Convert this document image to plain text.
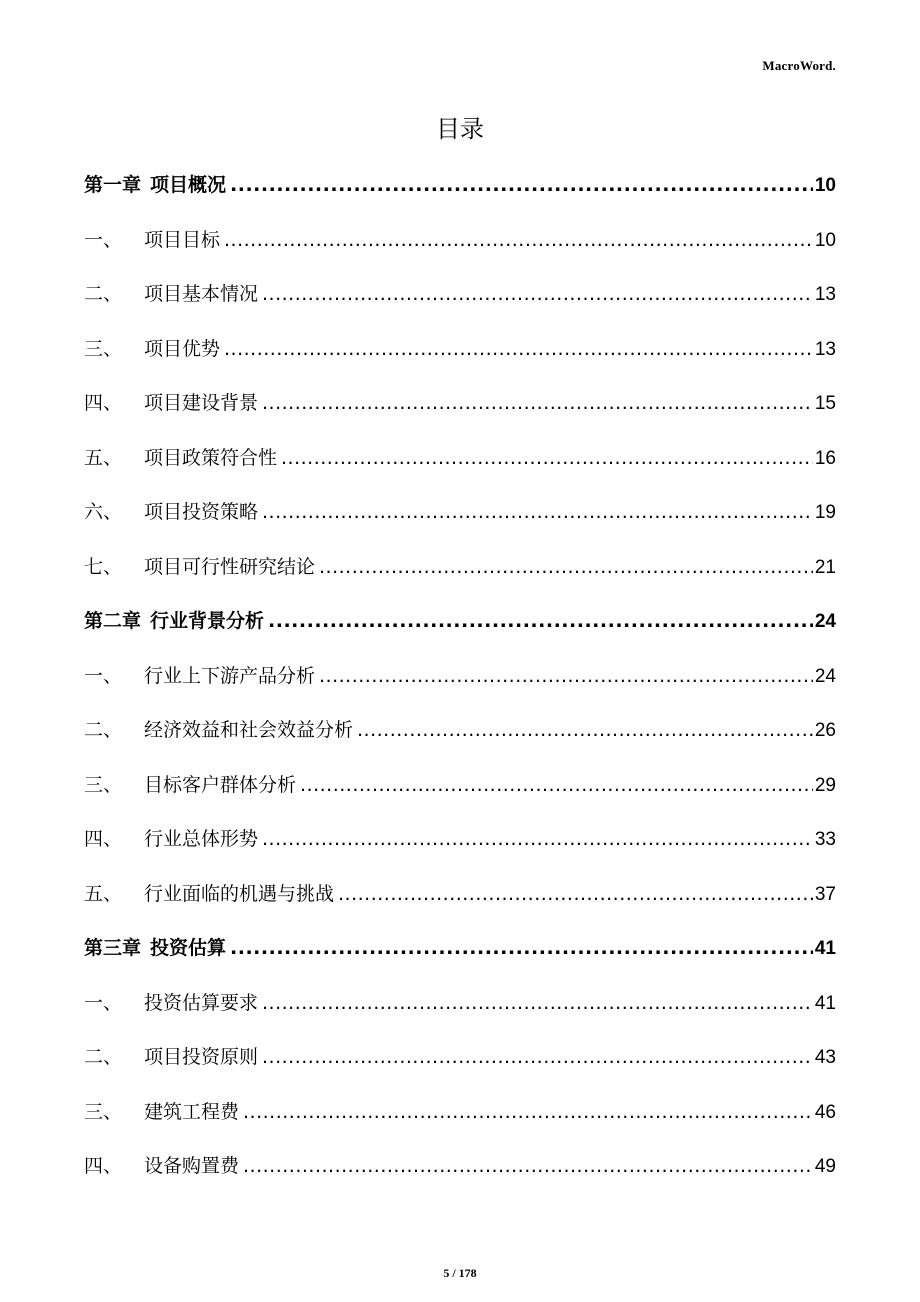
MacroWord.
目录
第一章 项目概况 .....	10
一、	项目目标 .....	10
二、	项目基本情况 .....	13
三、	项目优势 .....	13
四、	项目建设背景 .....	15
五、	项目政策符合性 .....	16
六、	项目投资策略 .....	19
七、	项目可行性研究结论 .....	21
第二章 行业背景分析 .....	24
一、	行业上下游产品分析 .....	24
二、	经济效益和社会效益分析 .....	26
三、	目标客户群体分析 .....	29
四、	行业总体形势 .....	33
五、	行业面临的机遇与挑战 .....	37
第三章 投资估算 .....	41
一、	投资估算要求 .....	41
二、	项目投资原则 .....	43
三、	建筑工程费 .....	46
四、	设备购置费 .....	49
5 / 178
